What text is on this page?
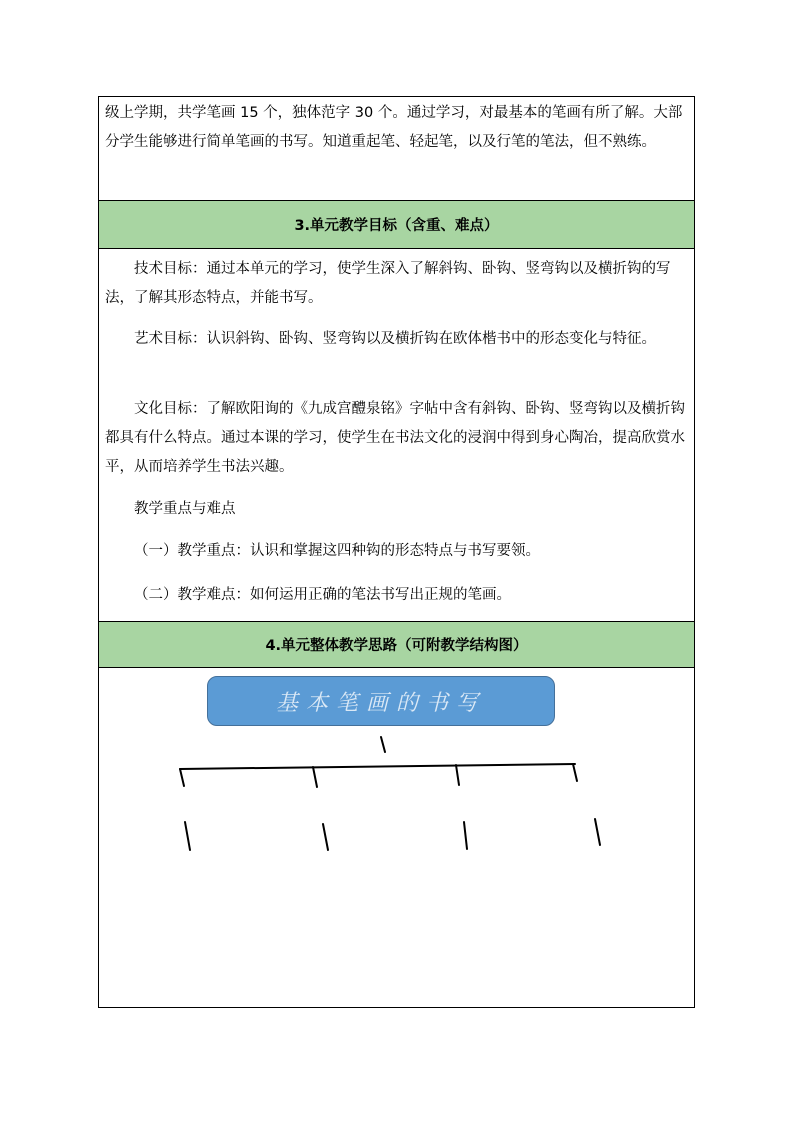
级上学期，共学笔画 15 个，独体范字 30 个。通过学习，对最基本的笔画有所了解。大部分学生能够进行简单笔画的书写。知道重起笔、轻起笔，以及行笔的笔法，但不熟练。

3.单元教学目标（含重、难点）

技术目标：通过本单元的学习，使学生深入了解斜钩、卧钩、竖弯钩以及横折钩的写法，了解其形态特点，并能书写。

艺术目标：认识斜钩、卧钩、竖弯钩以及横折钩在欧体楷书中的形态变化与特征。

文化目标：了解欧阳询的《九成宫醴泉铭》字帖中含有斜钩、卧钩、竖弯钩以及横折钩都具有什么特点。通过本课的学习，使学生在书法文化的浸润中得到身心陶冶，提高欣赏水平，从而培养学生书法兴趣。

教学重点与难点

（一）教学重点：认识和掌握这四种钩的形态特点与书写要领。

（二）教学难点：如何运用正确的笔法书写出正规的笔画。

4.单元整体教学思路（可附教学结构图）
基本笔画的书写
